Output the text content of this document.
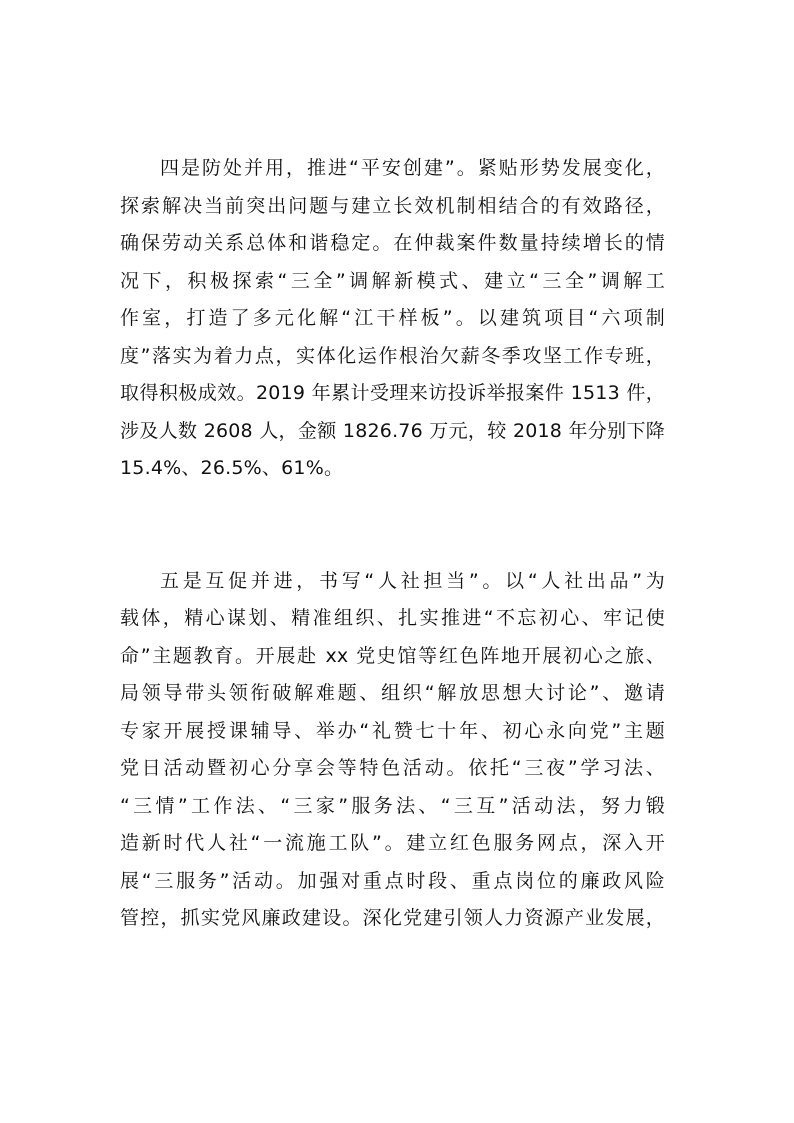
四是防处并用，推进“平安创建”。紧贴形势发展变化，
探索解决当前突出问题与建立长效机制相结合的有效路径，
确保劳动关系总体和谐稳定。在仲裁案件数量持续增长的情
况下，积极探索“三全”调解新模式、建立“三全”调解工
作室，打造了多元化解“江干样板”。以建筑项目“六项制
度”落实为着力点，实体化运作根治欠薪冬季攻坚工作专班，
取得积极成效。2019 年累计受理来访投诉举报案件 1513 件，
涉及人数 2608 人，金额 1826.76 万元，较 2018 年分别下降
15.4%、26.5%、61%。
五是互促并进，书写“人社担当”。以“人社出品”为
载体，精心谋划、精准组织、扎实推进“不忘初心、牢记使
命”主题教育。开展赴 xx 党史馆等红色阵地开展初心之旅、
局领导带头领衔破解难题、组织“解放思想大讨论”、邀请
专家开展授课辅导、举办“礼赞七十年、初心永向党”主题
党日活动暨初心分享会等特色活动。依托“三夜”学习法、
“三情”工作法、“三家”服务法、“三互”活动法，努力锻
造新时代人社“一流施工队”。建立红色服务网点，深入开
展“三服务”活动。加强对重点时段、重点岗位的廉政风险
管控，抓实党风廉政建设。深化党建引领人力资源产业发展，
